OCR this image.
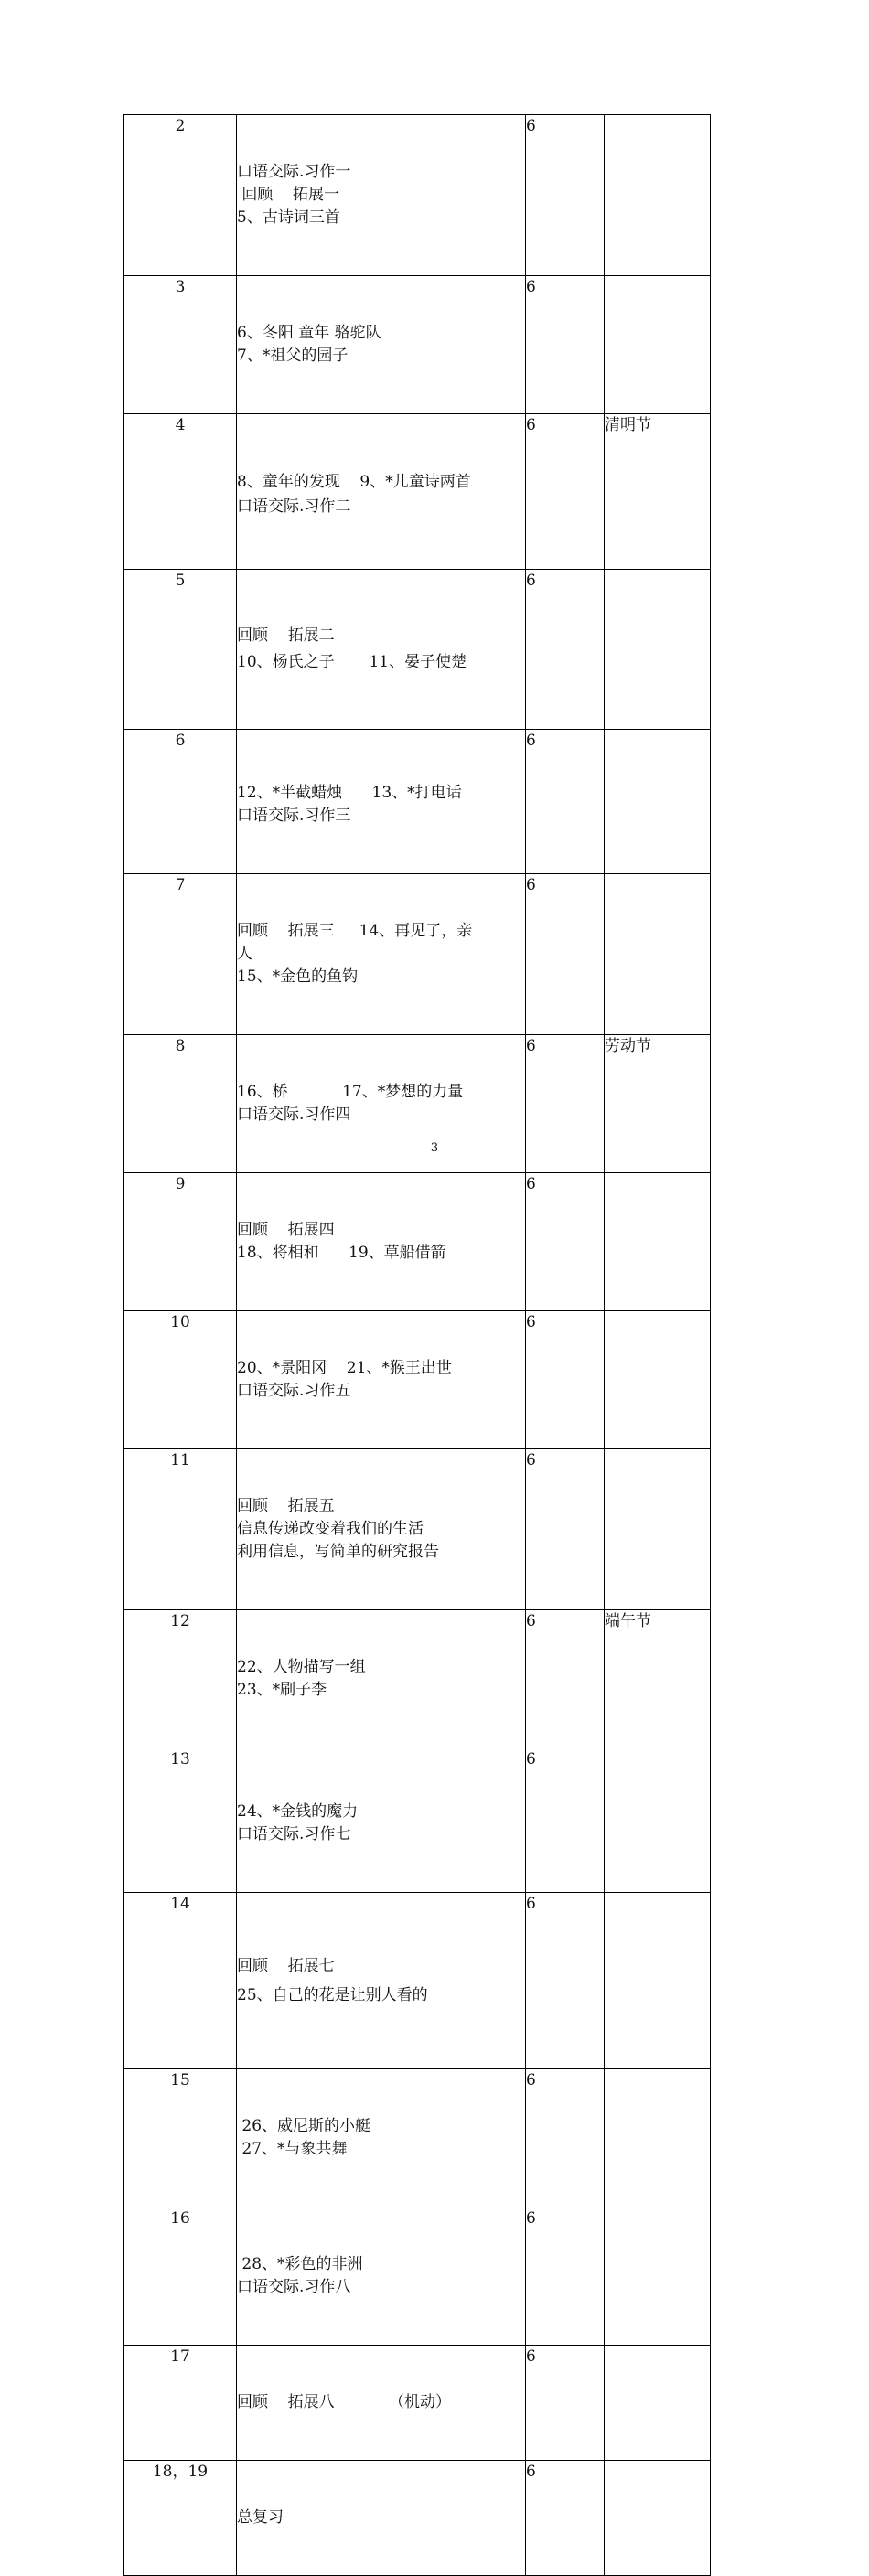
2	口语交际.习作一
回顾    拓展一
5、古诗词三首	6	
3	6、冬阳 童年 骆驼队
7、*祖父的园子	6	
4	8、童年的发现    9、*儿童诗两首
口语交际.习作二	6	清明节
5	回顾    拓展二
10、杨氏之子       11、晏子使楚	6	
6	12、*半截蜡烛      13、*打电话
口语交际.习作三	6	
7	回顾    拓展三     14、再见了，亲
人
15、*金色的鱼钩	6	
8	16、桥           17、*梦想的力量
口语交际.习作四	6	劳动节
9	回顾    拓展四
18、将相和      19、草船借箭	6	
10	20、*景阳冈    21、*猴王出世
口语交际.习作五	6	
11	回顾    拓展五
信息传递改变着我们的生活
利用信息，写简单的研究报告	6	
12	22、人物描写一组
23、*刷子李	6	端午节
13	24、*金钱的魔力
口语交际.习作七	6	
14	回顾    拓展七
25、自己的花是让别人看的	6	
15	26、威尼斯的小艇
27、*与象共舞	6	
16	28、*彩色的非洲
口语交际.习作八	6	
17	回顾    拓展八           （机动）	6	
18，19	总复习	6	
3
